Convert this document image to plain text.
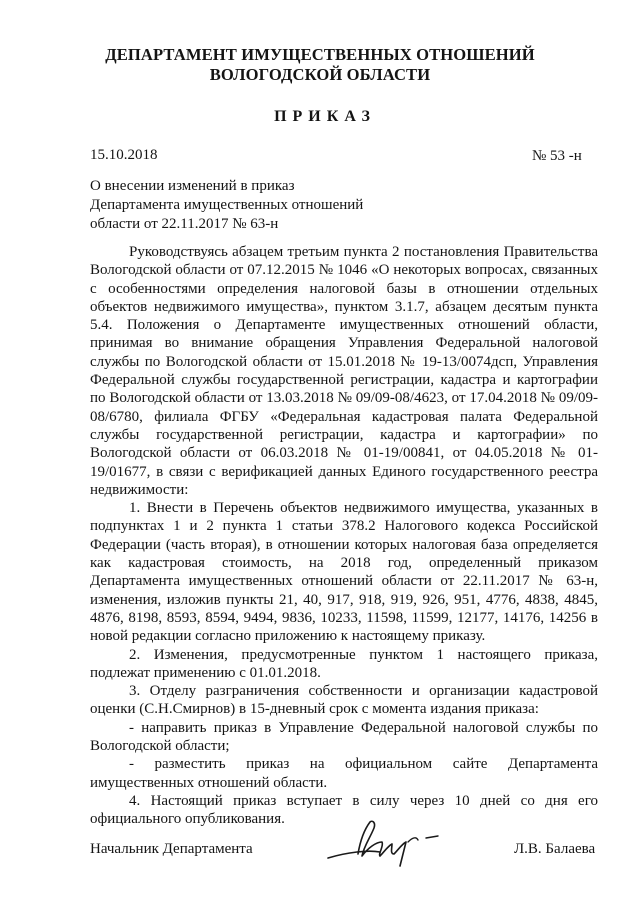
ДЕПАРТАМЕНТ ИМУЩЕСТВЕННЫХ ОТНОШЕНИЙ
ВОЛОГОДСКОЙ ОБЛАСТИ
ПРИКАЗ
15.10.2018	№ 53 -н
О внесении изменений в приказ
Департамента имущественных отношений
области от 22.11.2017 № 63-н

Руководствуясь абзацем третьим пункта 2 постановления Правительства Вологодской области от 07.12.2015 № 1046 «О некоторых вопросах, связанных с особенностями определения налоговой базы в отношении отдельных объектов недвижимого имущества», пунктом 3.1.7, абзацем десятым пункта 5.4. Положения о Департаменте имущественных отношений области, принимая во внимание обращения Управления Федеральной налоговой службы по Вологодской области от 15.01.2018 № 19-13/0074дсп, Управления Федеральной службы государственной регистрации, кадастра и картографии по Вологодской области от 13.03.2018 № 09/09-08/4623, от 17.04.2018 № 09/09-08/6780, филиала ФГБУ «Федеральная кадастровая палата Федеральной службы государственной регистрации, кадастра и картографии» по Вологодской области от 06.03.2018 № 01-19/00841, от 04.05.2018 № 01-19/01677, в связи с верификацией данных Единого государственного реестра недвижимости:

1. Внести в Перечень объектов недвижимого имущества, указанных в подпунктах 1 и 2 пункта 1 статьи 378.2 Налогового кодекса Российской Федерации (часть вторая), в отношении которых налоговая база определяется как кадастровая стоимость, на 2018 год, определенный приказом Департамента имущественных отношений области от 22.11.2017 № 63-н, изменения, изложив пункты 21, 40, 917, 918, 919, 926, 951, 4776, 4838, 4845, 4876, 8198, 8593, 8594, 9494, 9836, 10233, 11598, 11599, 12177, 14176, 14256 в новой редакции согласно приложению к настоящему приказу.

2. Изменения, предусмотренные пунктом 1 настоящего приказа, подлежат применению с 01.01.2018.

3. Отделу разграничения собственности и организации кадастровой оценки (С.Н.Смирнов) в 15-дневный срок с момента издания приказа:

- направить приказ в Управление Федеральной налоговой службы по Вологодской области;

- разместить приказ на официальном сайте Департамента имущественных отношений области.

4. Настоящий приказ вступает в силу через 10 дней со дня его официального опубликования.

Начальник Департамента	Л.В. Балаева
